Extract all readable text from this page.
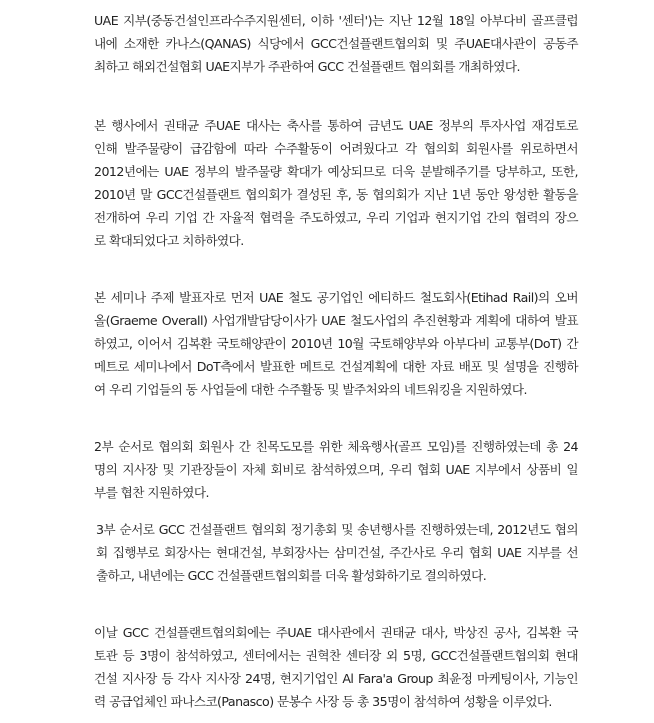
UAE 지부(중동건설인프라수주지원센터, 이하 '센터')는 지난 12월 18일 아부다비 골프클럽

내에 소재한 카나스(QANAS) 식당에서 GCC건설플랜트협의회 및 주UAE대사관이 공동주

최하고 해외건설협회 UAE지부가 주관하여 GCC 건설플랜트 협의회를 개최하였다.

본 행사에서 권태균 주UAE 대사는 축사를 통하여 금년도 UAE 정부의 투자사업 재검토로

인해 발주물량이 급감함에 따라 수주활동이 어려웠다고 각 협의회 회원사를 위로하면서

2012년에는 UAE 정부의 발주물량 확대가 예상되므로 더욱 분발해주기를 당부하고, 또한,

2010년 말 GCC건설플랜트 협의회가 결성된 후, 동 협의회가 지난 1년 동안 왕성한 활동을

전개하여 우리 기업 간 자율적 협력을 주도하였고, 우리 기업과 현지기업 간의 협력의 장으

로 확대되었다고 치하하였다.

본 세미나 주제 발표자로 먼저 UAE 철도 공기업인 에티하드 철도회사(Etihad Rail)의 오버

올(Graeme Overall) 사업개발담당이사가 UAE 철도사업의 추진현황과 계획에 대하여 발표

하였고, 이어서 김복환 국토해양관이 2010년 10월 국토해양부와 아부다비 교통부(DoT) 간

메트로 세미나에서 DoT측에서 발표한 메트로 건설계획에 대한 자료 배포 및 설명을 진행하

여 우리 기업들의 동 사업들에 대한 수주활동 및 발주처와의 네트워킹을 지원하였다.

2부 순서로 협의회 회원사 간 친목도모를 위한 체육행사(골프 모임)를 진행하였는데 총 24

명의 지사장 및 기관장들이 자체 회비로 참석하였으며, 우리 협회 UAE 지부에서 상품비 일

부를 협찬 지원하였다.

3부 순서로 GCC 건설플랜트 협의회 정기총회 및 송년행사를 진행하였는데, 2012년도 협의

회 집행부로 회장사는 현대건설, 부회장사는 삼미건설, 주간사로 우리 협회 UAE 지부를 선

출하고, 내년에는 GCC 건설플랜트협의회를 더욱 활성화하기로 결의하였다.

이날 GCC 건설플랜트협의회에는 주UAE 대사관에서 권태균 대사, 박상진 공사, 김복환 국

토관 등 3명이 참석하였고, 센터에서는 권혁찬 센터장 외 5명, GCC건설플랜트협의회 현대

건설 지사장 등 각사 지사장 24명, 현지기업인 Al Fara'a Group 최윤정 마케팅이사, 기능인

력 공급업체인 파나스코(Panasco) 문봉수 사장 등 총 35명이 참석하여 성황을 이루었다.
